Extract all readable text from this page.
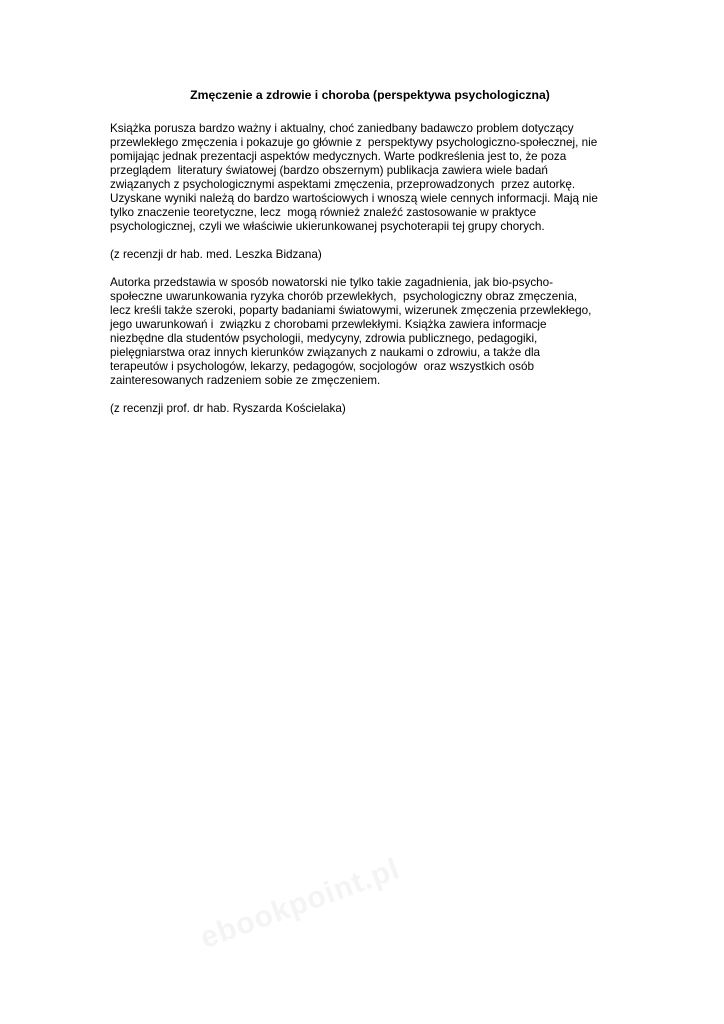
Zmęczenie a zdrowie i choroba (perspektywa psychologiczna)
Książka porusza bardzo ważny i aktualny, choć zaniedbany badawczo problem dotyczący
przewlekłego zmęczenia i pokazuje go głównie z  perspektywy psychologiczno-społecznej, nie
pomijając jednak prezentacji aspektów medycznych. Warte podkreślenia jest to, że poza
przeglądem  literatury światowej (bardzo obszernym) publikacja zawiera wiele badań
związanych z psychologicznymi aspektami zmęczenia, przeprowadzonych  przez autorkę.
Uzyskane wyniki należą do bardzo wartościowych i wnoszą wiele cennych informacji. Mają nie
tylko znaczenie teoretyczne, lecz  mogą również znaleźć zastosowanie w praktyce
psychologicznej, czyli we właściwie ukierunkowanej psychoterapii tej grupy chorych.
(z recenzji dr hab. med. Leszka Bidzana)
Autorka przedstawia w sposób nowatorski nie tylko takie zagadnienia, jak bio-psycho-
społeczne uwarunkowania ryzyka chorób przewlekłych,  psychologiczny obraz zmęczenia,
lecz kreśli także szeroki, poparty badaniami światowymi, wizerunek zmęczenia przewlekłego,
jego uwarunkowań i  związku z chorobami przewlekłymi. Książka zawiera informacje
niezbędne dla studentów psychologii, medycyny, zdrowia publicznego, pedagogiki,
pielęgniarstwa oraz innych kierunków związanych z naukami o zdrowiu, a także dla
terapeutów i psychologów, lekarzy, pedagogów, socjologów  oraz wszystkich osób
zainteresowanych radzeniem sobie ze zmęczeniem.
(z recenzji prof. dr hab. Ryszarda Kościelaka)
ebookpoint.pl
